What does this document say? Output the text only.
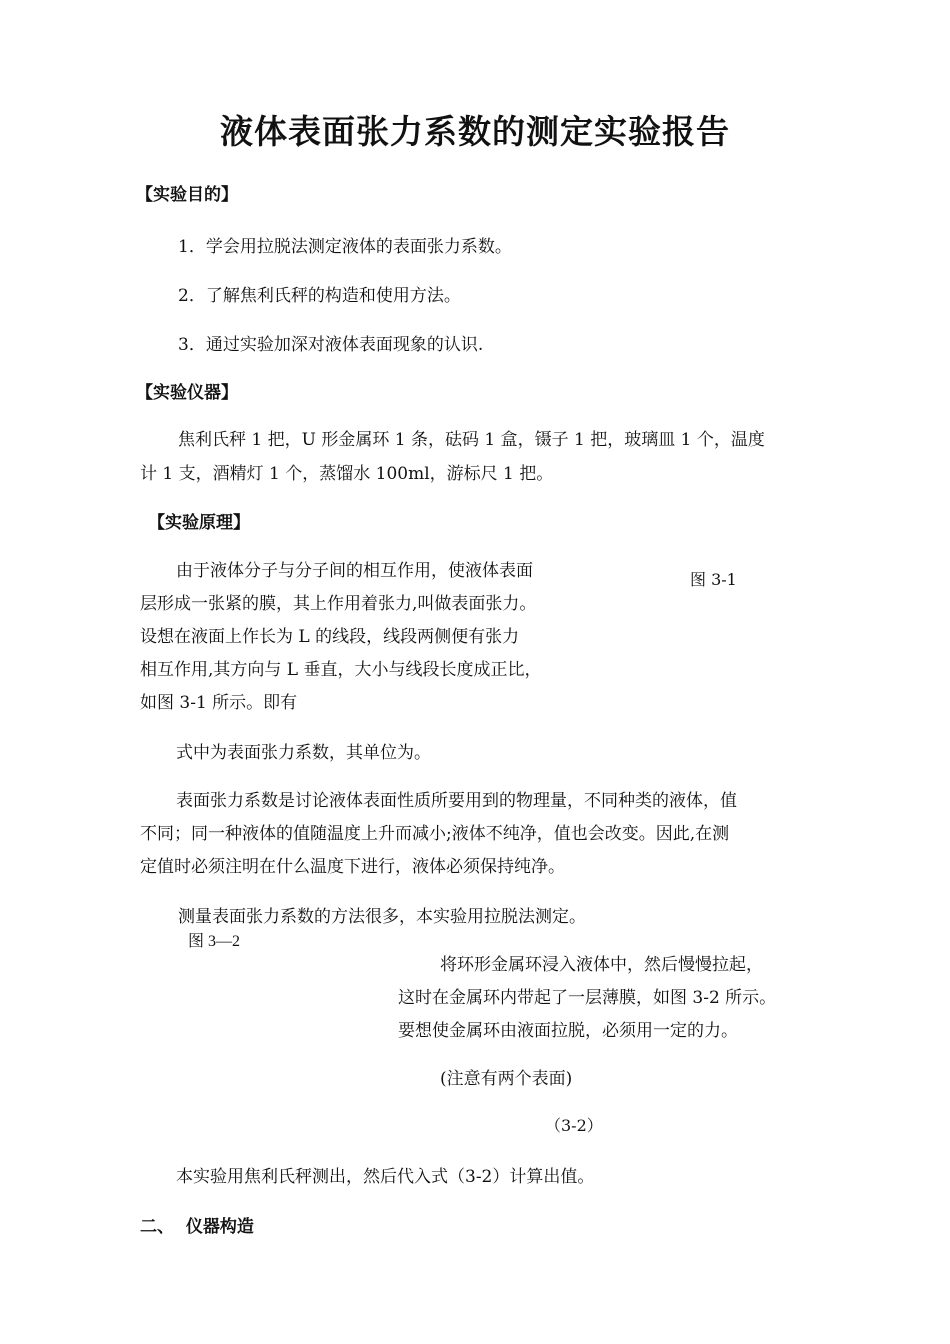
液体表面张力系数的测定实验报告
【实验目的】
1．学会用拉脱法测定液体的表面张力系数。
2．了解焦利氏秤的构造和使用方法。
3．通过实验加深对液体表面现象的认识.
【实验仪器】
焦利氏秤 1 把，U 形金属环 1 条，砝码 1 盒，镊子 1 把，玻璃皿 1 个，温度
计 1 支，酒精灯 1 个，蒸馏水 100ml，游标尺 1 把。
【实验原理】
由于液体分子与分子间的相互作用，使液体表面
层形成一张紧的膜，其上作用着张力,叫做表面张力。
设想在液面上作长为 L 的线段，线段两侧便有张力
相互作用,其方向与 L 垂直，大小与线段长度成正比，
如图 3-1 所示。即有
图 3-1
式中为表面张力系数，其单位为。
表面张力系数是讨论液体表面性质所要用到的物理量，不同种类的液体，值
不同；同一种液体的值随温度上升而减小;液体不纯净，值也会改变。因此,在测
定值时必须注明在什么温度下进行，液体必须保持纯净。
测量表面张力系数的方法很多，本实验用拉脱法测定。
图 3—2
将环形金属环浸入液体中，然后慢慢拉起，
这时在金属环内带起了一层薄膜，如图 3-2 所示。
要想使金属环由液面拉脱，必须用一定的力。
(注意有两个表面)
（3-2）
本实验用焦利氏秤测出，然后代入式（3-2）计算出值。
二、 仪器构造
